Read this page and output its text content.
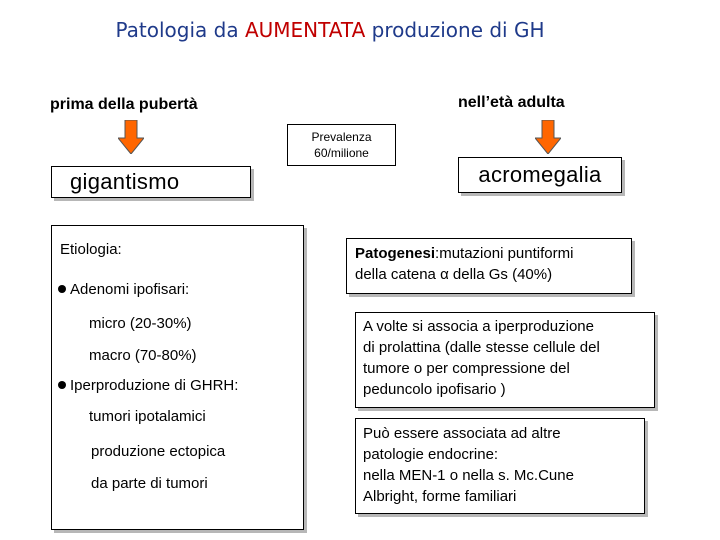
Patologia da AUMENTATA produzione di GH
prima della pubertà	nell’età adulta
Prevalenza
60/milione
gigantismo	acromegalia
Etiologia:
Adenomi ipofisari:
micro (20-30%)
macro (70-80%)
Iperproduzione di GHRH:
tumori ipotalamici
produzione ectopica
da parte di tumori
Patogenesi:mutazioni puntiformi
della catena α della Gs (40%)
A volte si associa a iperproduzione
di prolattina (dalle stesse cellule del
tumore o per compressione del
peduncolo ipofisario )
Può essere associata ad altre
patologie endocrine:
nella MEN-1 o nella s. Mc.Cune
Albright, forme familiari
